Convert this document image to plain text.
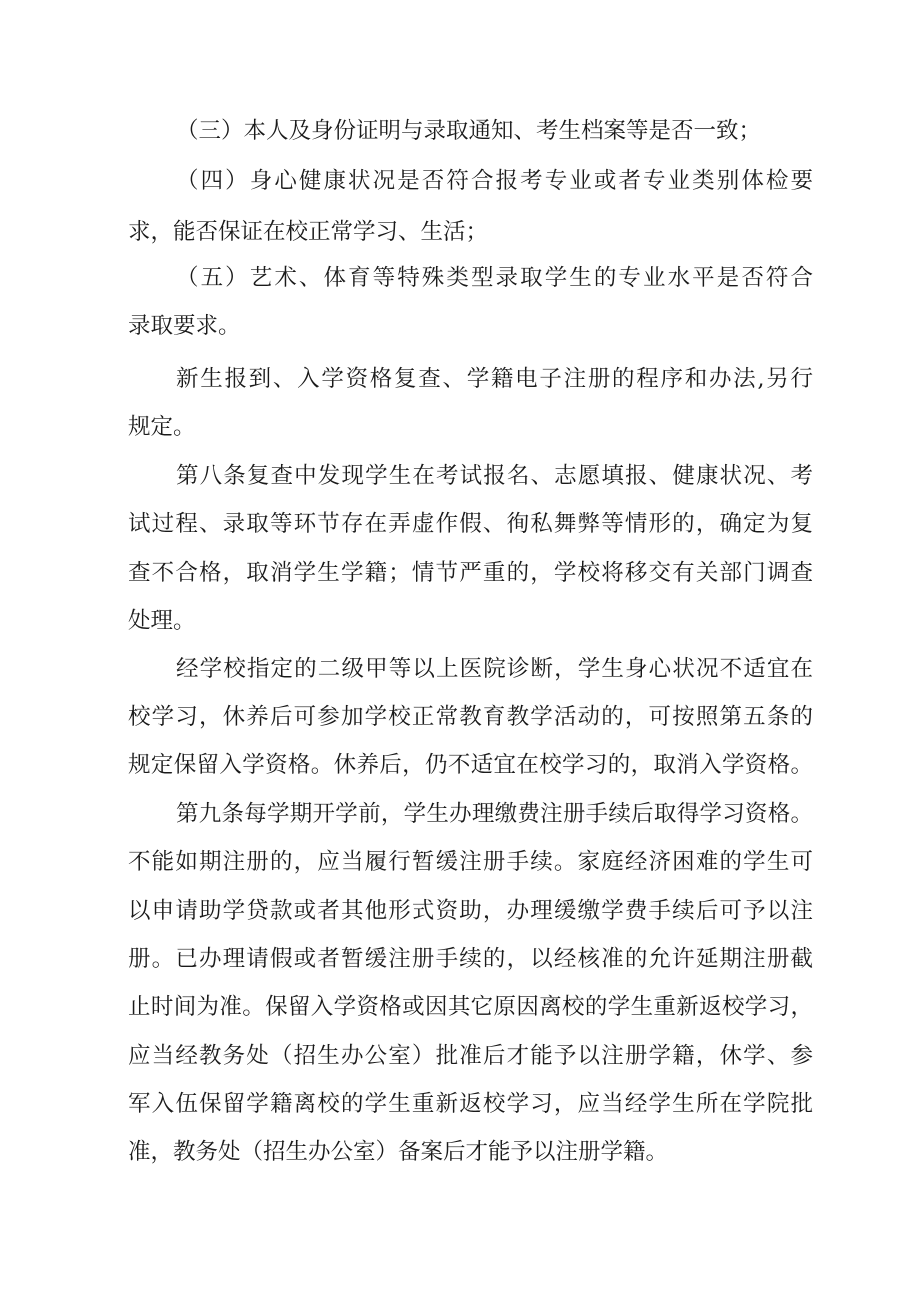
（三）本人及身份证明与录取通知、考生档案等是否一致；
（四）身心健康状况是否符合报考专业或者专业类别体检要
求，能否保证在校正常学习、生活；
（五）艺术、体育等特殊类型录取学生的专业水平是否符合
录取要求。
新生报到、入学资格复查、学籍电子注册的程序和办法,另行
规定。
第八条复查中发现学生在考试报名、志愿填报、健康状况、考
试过程、录取等环节存在弄虚作假、徇私舞弊等情形的，确定为复
查不合格，取消学生学籍；情节严重的，学校将移交有关部门调查
处理。
经学校指定的二级甲等以上医院诊断，学生身心状况不适宜在
校学习，休养后可参加学校正常教育教学活动的，可按照第五条的
规定保留入学资格。休养后，仍不适宜在校学习的，取消入学资格。
第九条每学期开学前，学生办理缴费注册手续后取得学习资格。
不能如期注册的，应当履行暂缓注册手续。家庭经济困难的学生可
以申请助学贷款或者其他形式资助，办理缓缴学费手续后可予以注
册。已办理请假或者暂缓注册手续的，以经核准的允许延期注册截
止时间为准。保留入学资格或因其它原因离校的学生重新返校学习，
应当经教务处（招生办公室）批准后才能予以注册学籍，休学、参
军入伍保留学籍离校的学生重新返校学习，应当经学生所在学院批
准，教务处（招生办公室）备案后才能予以注册学籍。
